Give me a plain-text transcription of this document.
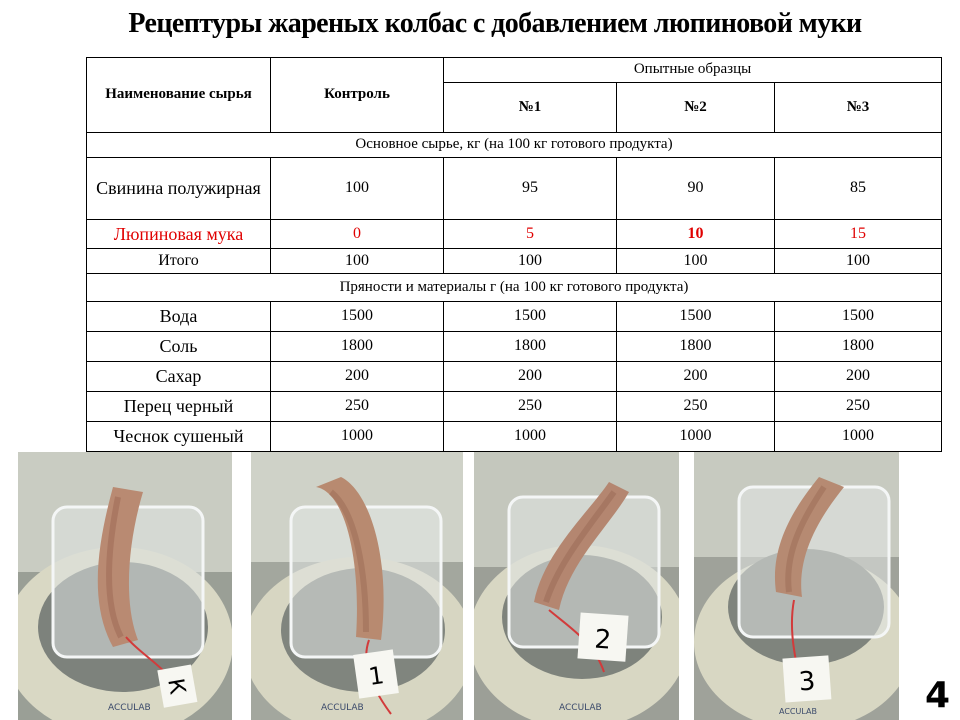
Рецептуры жареных колбас с добавлением люпиновой муки
Наименование сырья	Контроль	Опытные образцы		
		№1	№2	№3
Основное сырье, кг (на 100 кг готового продукта)				
Свинина полужирная	100	95	90	85
Люпиновая мука	0	5	10	15
Итого	100	100	100	100
Пряности и материалы г (на 100 кг готового продукта)				
Вода	1500	1500	1500	1500
Соль	1800	1800	1800	1800
Сахар	200	200	200	200
Перец черный	250	250	250	250
Чеснок сушеный	1000	1000	1000	1000
К
ACCULAB
1
ACCULAB
2
ACCULAB
3
ACCULAB	4
